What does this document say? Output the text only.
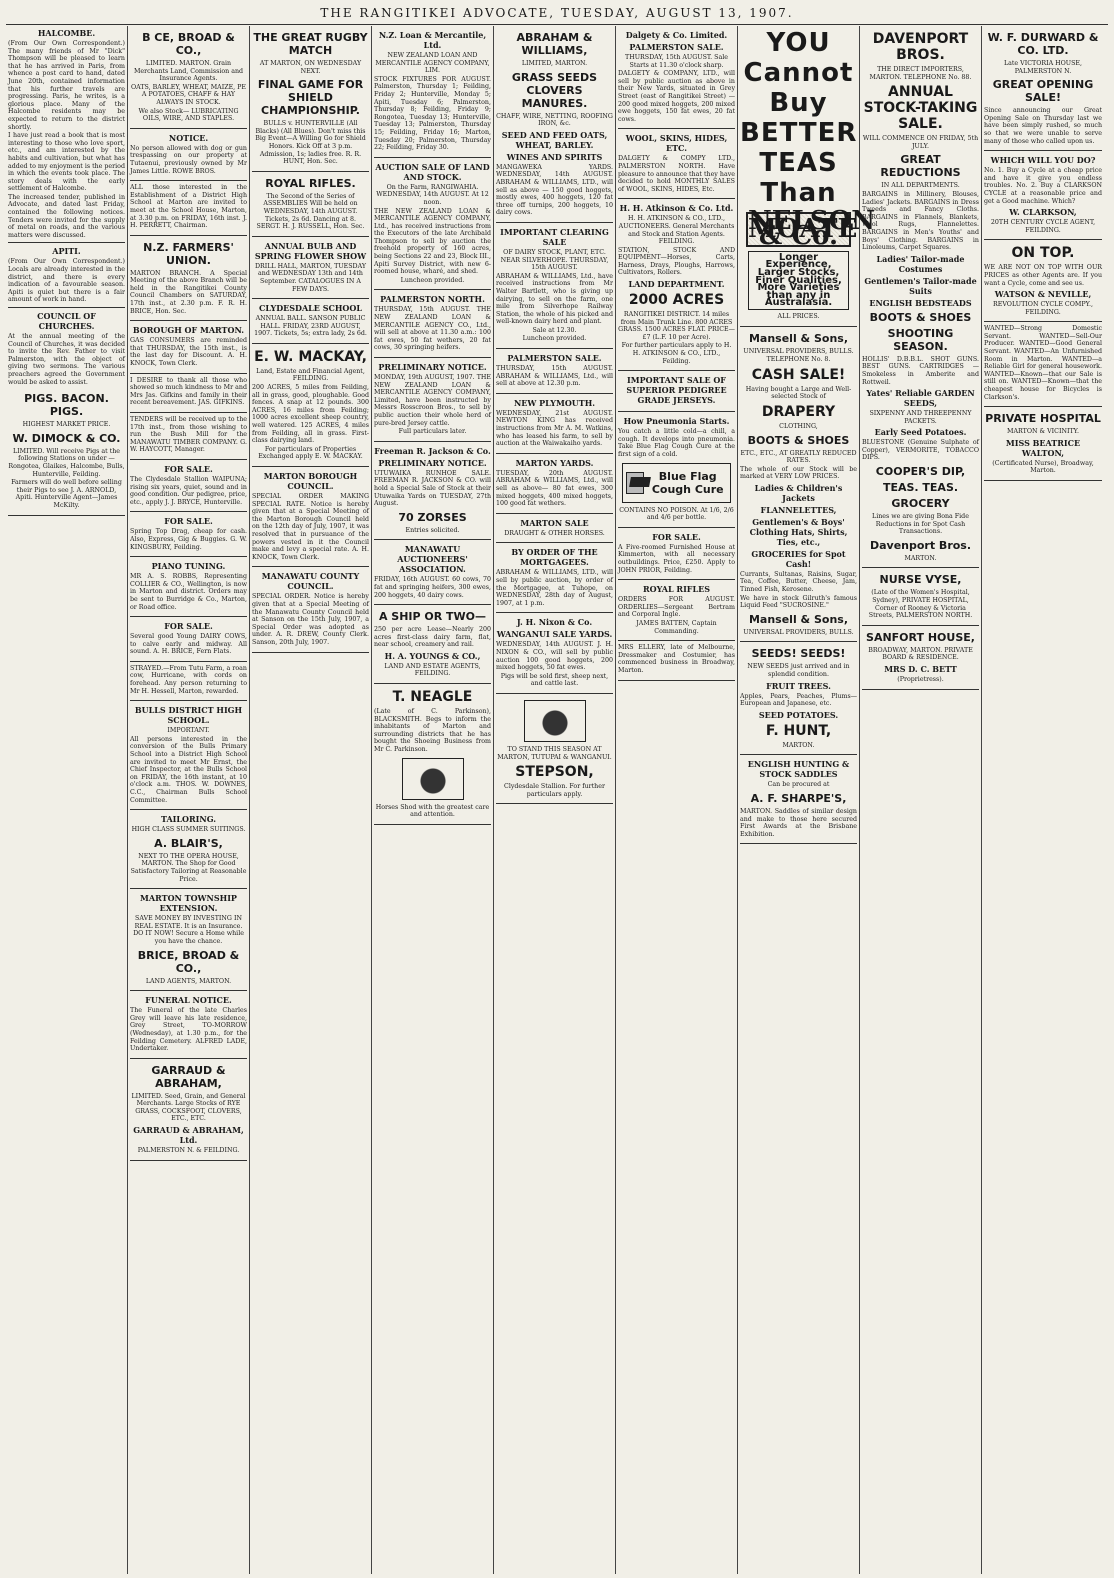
THE RANGITIKEI ADVOCATE, TUESDAY, AUGUST 13, 1907.
HALCOMBE.
(From Our Own Correspondent.) The many friends of Mr "Dick" Thompson will be pleased to learn that he has arrived in Paris, from whence a post card to hand, dated June 20th, contained information that his further travels are progressing. Paris, he writes, is a glorious place. Many of the Halcombe residents may be expected to return to the district shortly.
I have just read a book that is most interesting to those who love sport, etc., and am interested by the habits and cultivation, but what has added to my enjoyment is the period in which the events took place. The story deals with the early settlement of Halcombe.
The increased tender, published in Advocate, and dated last Friday, contained the following notices. Tenders were invited for the supply of metal on roads, and the various matters were discussed.
APITI.
(From Our Own Correspondent.) Locals are already interested in the district, and there is every indication of a favourable season. Apiti is quiet but there is a fair amount of work in hand.
COUNCIL OF CHURCHES.
At the annual meeting of the Council of Churches, it was decided to invite the Rev. Father to visit Palmerston, with the object of giving two sermons. The various preachers agreed the Government would be asked to assist.
PIGS. BACON. PIGS.
HIGHEST MARKET PRICE.
W. DIMOCK & CO.
LIMITED. Will receive Pigs at the following Stations on under — Rongotea, Glaikes, Halcombe, Bulls, Hunterville, Feilding.
Farmers will do well before selling their Pigs to see J. A. ARNOLD, Apiti. Hunterville Agent—James McKilty.
B CE, BROAD & CO.,
LIMITED. MARTON. Grain Merchants Land, Commission and Insurance Agents.
OATS, BARLEY, WHEAT, MAIZE, PE A POTATOES, CHAFF & HAY ALWAYS IN STOCK.
We also Stock— LUBRICATING OILS, WIRE, AND STAPLES.
NOTICE.
No person allowed with dog or gun trespassing on our property at Tutaenui, previously owned by Mr James Little. ROWE BROS.
ALL those interested in the Establishment of a District High School at Marton are invited to meet at the School House, Marton, at 3.30 p.m. on FRIDAY, 16th inst. J. H. PERRETT, Chairman.
N.Z. FARMERS' UNION.
MARTON BRANCH. A Special Meeting of the above Branch will be held in the Rangitikei County Council Chambers on SATURDAY, 17th inst., at 2.30 p.m. F. R. H. BRICE, Hon. Sec.
BOROUGH OF MARTON.
GAS CONSUMERS are reminded that THURSDAY, the 15th inst., is the last day for Discount. A. H. KNOCK, Town Clerk.
I DESIRE to thank all those who showed so much kindness to Mr and Mrs Jas. Gifkins and family in their recent bereavement. JAS. GIFKINS.
TENDERS will be received up to the 17th inst., from those wishing to run the Bush Mill for the MANAWATU TIMBER COMPANY. G. W. HAYCOTT, Manager.
FOR SALE.
The Clydesdale Stallion WAIPUNA; rising six years, quiet, sound and in good condition. Our pedigree, price, etc., apply J. J. BRYCE, Hunterville.
FOR SALE.
Spring Top Drag, cheap for cash. Also, Express, Gig & Buggies. G. W. KINGSBURY, Feilding.
PIANO TUNING.
MR A. S. ROBBS, Representing COLLIER & CO., Wellington, is now in Marton and district. Orders may be sent to Burridge & Co., Marton, or Road office.
FOR SALE.
Several good Young DAIRY COWS, to calve early and midway. All sound. A. H. BRICE, Fern Flats.
STRAYED.—From Tutu Farm, a roan cow, Hurricane, with cords on forehead. Any person returning to Mr H. Hessell, Marton, rewarded.
BULLS DISTRICT HIGH SCHOOL.
IMPORTANT.
All persons interested in the conversion of the Bulls Primary School into a District High School are invited to meet Mr Ernst, the Chief Inspector, at the Bulls School on FRIDAY, the 16th instant, at 10 o'clock a.m. THOS. W. DOWNES, C.C., Chairman Bulls School Committee.
TAILORING.
HIGH CLASS SUMMER SUITINGS.
A. BLAIR'S,
NEXT TO THE OPERA HOUSE, MARTON. The Shop for Good Satisfactory Tailoring at Reasonable Price.
MARTON TOWNSHIP EXTENSION.
SAVE MONEY BY INVESTING IN REAL ESTATE. It is an Insurance. DO IT NOW! Secure a Home while you have the chance.
BRICE, BROAD & CO.,
LAND AGENTS, MARTON.
FUNERAL NOTICE.
The Funeral of the late Charles Grey will leave his late residence, Grey Street, TO-MORROW (Wednesday), at 1.30 p.m., for the Feilding Cemetery. ALFRED LADE, Undertaker.
GARRAUD & ABRAHAM,
LIMITED. Seed, Grain, and General Merchants. Large Stocks of RYE GRASS, COCKSFOOT, CLOVERS, ETC., ETC.
GARRAUD & ABRAHAM, Ltd.
PALMERSTON N. & FEILDING.
THE GREAT RUGBY MATCH
AT MARTON, ON WEDNESDAY NEXT.
FINAL GAME FOR SHIELD CHAMPIONSHIP.
BULLS v. HUNTERVILLE (All Blacks) (All Blues). Don't miss this Big Event—A Willing Go for Shield Honors. Kick Off at 3 p.m. Admission, 1s; ladies free. R. R. HUNT, Hon. Sec.
ROYAL RIFLES.
The Second of the Series of ASSEMBLIES Will be held on WEDNESDAY, 14th AUGUST. Tickets, 2s 6d. Dancing at 8. SERGT. H. J. RUSSELL, Hon. Sec.
ANNUAL BULB AND SPRING FLOWER SHOW
DRILL HALL, MARTON, TUESDAY and WEDNESDAY 13th and 14th September. CATALOGUES IN A FEW DAYS.
CLYDESDALE SCHOOL
ANNUAL BALL. SANSON PUBLIC HALL. FRIDAY, 23RD AUGUST, 1907. Tickets, 5s; extra lady, 2s 6d.
E. W. MACKAY,
Land, Estate and Financial Agent, FEILDING.
200 ACRES, 5 miles from Feilding, all in grass, good, ploughable. Good fences. A snap at 12 pounds. 300 ACRES, 16 miles from Feilding; 1000 acres excellent sheep country, well watered. 125 ACRES, 4 miles from Feilding, all in grass. First-class dairying land.
For particulars of Properties Exchanged apply E. W. MACKAY.
MARTON BOROUGH COUNCIL.
SPECIAL ORDER MAKING SPECIAL RATE. Notice is hereby given that at a Special Meeting of the Marton Borough Council held on the 12th day of July, 1907, it was resolved that in pursuance of the powers vested in it the Council make and levy a special rate. A. H. KNOCK, Town Clerk.
MANAWATU COUNTY COUNCIL.
SPECIAL ORDER. Notice is hereby given that at a Special Meeting of the Manawatu County Council held at Sanson on the 15th July, 1907, a Special Order was adopted as under. A. R. DREW, County Clerk. Sanson, 20th July, 1907.
N.Z. Loan & Mercantile, Ltd.
NEW ZEALAND LOAN AND MERCANTILE AGENCY COMPANY, LIM.
STOCK FIXTURES FOR AUGUST. Palmerston, Thursday 1; Feilding, Friday 2; Hunterville, Monday 5; Apiti, Tuesday 6; Palmerston, Thursday 8; Feilding, Friday 9; Rongotea, Tuesday 13; Hunterville, Tuesday 13; Palmerston, Thursday 15; Feilding, Friday 16; Marton, Tuesday 20; Palmerston, Thursday 22; Feilding, Friday 30.
AUCTION SALE OF LAND AND STOCK.
On the Farm, RANGIWAHIA. WEDNESDAY, 14th AUGUST. At 12 noon.
THE NEW ZEALAND LOAN & MERCANTILE AGENCY COMPANY, Ltd., has received instructions from the Executors of the late Archibald Thompson to sell by auction the freehold property of 160 acres, being Sections 22 and 23, Block III., Apiti Survey District, with new 6-roomed house, wharé, and shed.
Luncheon provided.
PALMERSTON NORTH.
THURSDAY, 15th AUGUST. THE NEW ZEALAND LOAN & MERCANTILE AGENCY CO., Ltd., will sell at above at 11.30 a.m.: 100 fat ewes, 50 fat wethers, 20 fat cows, 30 springing heifers.
PRELIMINARY NOTICE.
MONDAY, 19th AUGUST, 1907. THE NEW ZEALAND LOAN & MERCANTILE AGENCY COMPANY, Limited, have been instructed by Messrs Rosscroon Bros., to sell by public auction their whole herd of pure-bred Jersey cattle.
Full particulars later.
Freeman R. Jackson & Co.
PRELIMINARY NOTICE.
UTUWAIKA RUNHOE SALE. FREEMAN R. JACKSON & CO. will hold a Special Sale of Stock at their Utuwaika Yards on TUESDAY, 27th August.
70 ZORSES
Entries solicited.
MANAWATU AUCTIONEERS' ASSOCIATION.
FRIDAY, 16th AUGUST. 60 cows, 70 fat and springing heifers, 300 ewes, 200 hoggets, 40 dairy cows.
A SHIP OR TWO—
250 per acre Lease—Nearly 200 acres first-class dairy farm, flat, near school, creamery and rail.
H. A. YOUNGS & CO.,
LAND AND ESTATE AGENTS, FEILDING.
T. NEAGLE
(Late of C. Parkinson), BLACKSMITH. Begs to inform the inhabitants of Marton and surrounding districts that he has bought the Shoeing Business from Mr C. Parkinson.
Horses Shod with the greatest care and attention.
ABRAHAM & WILLIAMS,
LIMITED, MARTON.
GRASS SEEDS CLOVERS MANURES.
CHAFF, WIRE, NETTING, ROOFING IRON, &c.
SEED AND FEED OATS, WHEAT, BARLEY.
WINES AND SPIRITS
MANGAWEKA YARDS. WEDNESDAY, 14th AUGUST. ABRAHAM & WILLIAMS, LTD., will sell as above — 150 good hoggets, mostly ewes, 400 hoggets, 120 fat three off turnips, 200 hoggets, 10 dairy cows.
IMPORTANT CLEARING SALE
OF DAIRY STOCK, PLANT, ETC. NEAR SILVERHOPE. THURSDAY, 15th AUGUST.
ABRAHAM & WILLIAMS, Ltd., have received instructions from Mr Walter Bartlett, who is giving up dairying, to sell on the farm, one mile from Silverhope Railway Station, the whole of his picked and well-known dairy herd and plant.
Sale at 12.30.
Luncheon provided.
PALMERSTON SALE.
THURSDAY, 15th AUGUST. ABRAHAM & WILLIAMS, Ltd., will sell at above at 12.30 p.m.
NEW PLYMOUTH.
WEDNESDAY, 21st AUGUST. NEWTON KING has received instructions from Mr A. M. Watkins, who has leased his farm, to sell by auction at the Waiwakaiho yards.
MARTON YARDS.
TUESDAY, 20th AUGUST. ABRAHAM & WILLIAMS, Ltd., will sell as above— 80 fat ewes, 300 mixed hoggets, 400 mixed hoggets, 100 good fat wethers.
MARTON SALE
DRAUGHT & OTHER HORSES.
BY ORDER OF THE MORTGAGEES.
ABRAHAM & WILLIAMS, LTD., will sell by public auction, by order of the Mortgagee, at Tuhope, on WEDNESDAY, 28th day of August, 1907, at 1 p.m.
J. H. Nixon & Co.
WANGANUI SALE YARDS.
WEDNESDAY, 14th AUGUST. J. H. NIXON & CO., will sell by public auction 100 good hoggets, 200 mixed hoggets, 50 fat ewes.
Pigs will be sold first, sheep next, and cattle last.
TO STAND THIS SEASON AT MARTON, TUTUPAI & WANGANUI.
STEPSON,
Clydesdale Stallion. For further particulars apply.
Dalgety & Co. Limited.
PALMERSTON SALE.
THURSDAY, 15th AUGUST. Sale Starts at 11.30 o'clock sharp.
DALGETY & COMPANY, LTD., will sell by public auction as above in their New Yards, situated in Grey Street (east of Rangitikei Street) — 200 good mixed hoggets, 200 mixed ewe hoggets, 150 fat ewes, 20 fat cows.
WOOL, SKINS, HIDES, ETC.
DALGETY & COMPY LTD., PALMERSTON NORTH. Have pleasure to announce that they have decided to hold MONTHLY SALES of WOOL, SKINS, HIDES, Etc.
H. H. Atkinson & Co. Ltd.
H. H. ATKINSON & CO., LTD., AUCTIONEERS. General Merchants and Stock and Station Agents. FEILDING.
STATION, STOCK AND EQUIPMENT—Horses, Carts, Harness, Drays, Ploughs, Harrows, Cultivators, Rollers.
LAND DEPARTMENT.
2000 ACRES
RANGITIKEI DISTRICT. 14 miles from Main Trunk Line. 800 ACRES GRASS. 1500 ACRES FLAT. PRICE—£7 (L.F. 10 per Acre).
For further particulars apply to H. H. ATKINSON & CO., LTD., Feilding.
IMPORTANT SALE OF SUPERIOR PEDIGREE GRADE JERSEYS.
How Pneumonia Starts.
You catch a little cold—a chill, a cough. It develops into pneumonia. Take Blue Flag Cough Cure at the first sign of a cold.
Blue Flag Cough Cure
CONTAINS NO POISON. At 1/6, 2/6 and 4/6 per bottle.
FOR SALE.
A Five-roomed Furnished House at Kimmerton, with all necessary outbuildings. Price, £250. Apply to JOHN PRIOR, Feilding.
ROYAL RIFLES
ORDERS FOR AUGUST. ORDERLIES—Sergeant Bertram and Corporal Ingle.
JAMES BATTEN, Captain Commanding.
MRS ELLERY, late of Melbourne, Dressmaker and Costumier, has commenced business in Broadway, Marton.
YOU
Cannot
Buy
BETTER
TEAS
Than
NELSON MOATE & Co.
Longer Experience, Larger Stocks, Finer Qualities, More Varieties than any in Australasia.
ALL PRICES.
Mansell & Sons,
UNIVERSAL PROVIDERS, BULLS.
TELEPHONE No. 8.
CASH SALE!
Having bought a Large and Well-selected Stock of
DRAPERY
CLOTHING,
BOOTS & SHOES
ETC., ETC., AT GREATLY REDUCED RATES.
The whole of our Stock will be marked at VERY LOW PRICES.
Ladies & Children's Jackets
FLANNELETTES,
Gentlemen's & Boys' Clothing Hats, Shirts, Ties, etc.,
GROCERIES for Spot Cash!
Currants, Sultanas, Raisins, Sugar, Tea, Coffee, Butter, Cheese, Jam, Tinned Fish, Kerosene.
We have in stock Gilruth's famous Liquid Feed "SUCROSINE."
Mansell & Sons,
UNIVERSAL PROVIDERS, BULLS.
SEEDS! SEEDS!
NEW SEEDS just arrived and in splendid condition.
FRUIT TREES.
Apples, Pears, Peaches, Plums—European and Japanese, etc.
SEED POTATOES.
F. HUNT,
MARTON.
ENGLISH HUNTING & STOCK SADDLES
Can be procured at
A. F. SHARPE'S,
MARTON. Saddles of similar design and make to those here secured First Awards at the Brisbane Exhibition.
DAVENPORT BROS.
THE DIRECT IMPORTERS, MARTON. TELEPHONE No. 88.
ANNUAL STOCK-TAKING SALE.
WILL COMMENCE ON FRIDAY, 5th JULY.
GREAT REDUCTIONS
IN ALL DEPARTMENTS.
BARGAINS in Millinery, Blouses, Ladies' Jackets. BARGAINS in Dress Tweeds and Fancy Cloths. BARGAINS in Flannels, Blankets, Wool Rugs, Flannelettes. BARGAINS in Men's Youths' and Boys' Clothing. BARGAINS in Linoleums, Carpet Squares.
Ladies' Tailor-made Costumes
Gentlemen's Tailor-made Suits
ENGLISH BEDSTEADS
BOOTS & SHOES
SHOOTING SEASON.
HOLLIS' D.B.B.L. SHOT GUNS. BEST GUNS. CARTRIDGES — Smokeless in Amberite and Rottweil.
Yates' Reliable GARDEN SEEDS,
SIXPENNY AND THREEPENNY PACKETS.
Early Seed Potatoes.
BLUESTONE (Genuine Sulphate of Copper), VERMORITE, TOBACCO DIPS.
COOPER'S DIP,
TEAS. TEAS.
GROCERY
Lines we are giving Bona Fide Reductions in for Spot Cash Transactions.
Davenport Bros.
MARTON.
NURSE VYSE,
(Late of the Women's Hospital, Sydney), PRIVATE HOSPITAL, Corner of Rooney & Victoria Streets, PALMERSTON NORTH.
SANFORT HOUSE,
BROADWAY, MARTON. PRIVATE BOARD & RESIDENCE.
MRS D. C. BETT
(Proprietress).
W. F. DURWARD & CO. LTD.
Late VICTORIA HOUSE, PALMERSTON N.
GREAT OPENING SALE!
Since announcing our Great Opening Sale on Thursday last we have been simply rushed, so much so that we were unable to serve many of those who called upon us.
WHICH WILL YOU DO?
No. 1. Buy a Cycle at a cheap price and have it give you endless troubles. No. 2. Buy a CLARKSON CYCLE at a reasonable price and get a Good machine. Which?
W. CLARKSON,
20TH CENTURY CYCLE AGENT, FEILDING.
ON TOP.
WE ARE NOT ON TOP WITH OUR PRICES as other Agents are. If you want a Cycle, come and see us.
WATSON & NEVILLE,
REVOLUTION CYCLE COMPY., FEILDING.
WANTED—Strong Domestic Servant. WANTED—Sell-Our Producer. WANTED—Good General Servant. WANTED—An Unfurnished Room in Marton. WANTED—a Reliable Girl for general housework. WANTED—Known—that our Sale is still on. WANTED—Known—that the cheapest house for Bicycles is Clarkson's.
PRIVATE HOSPITAL
MARTON & VICINITY.
MISS BEATRICE WALTON,
(Certificated Nurse), Broadway, Marton.
